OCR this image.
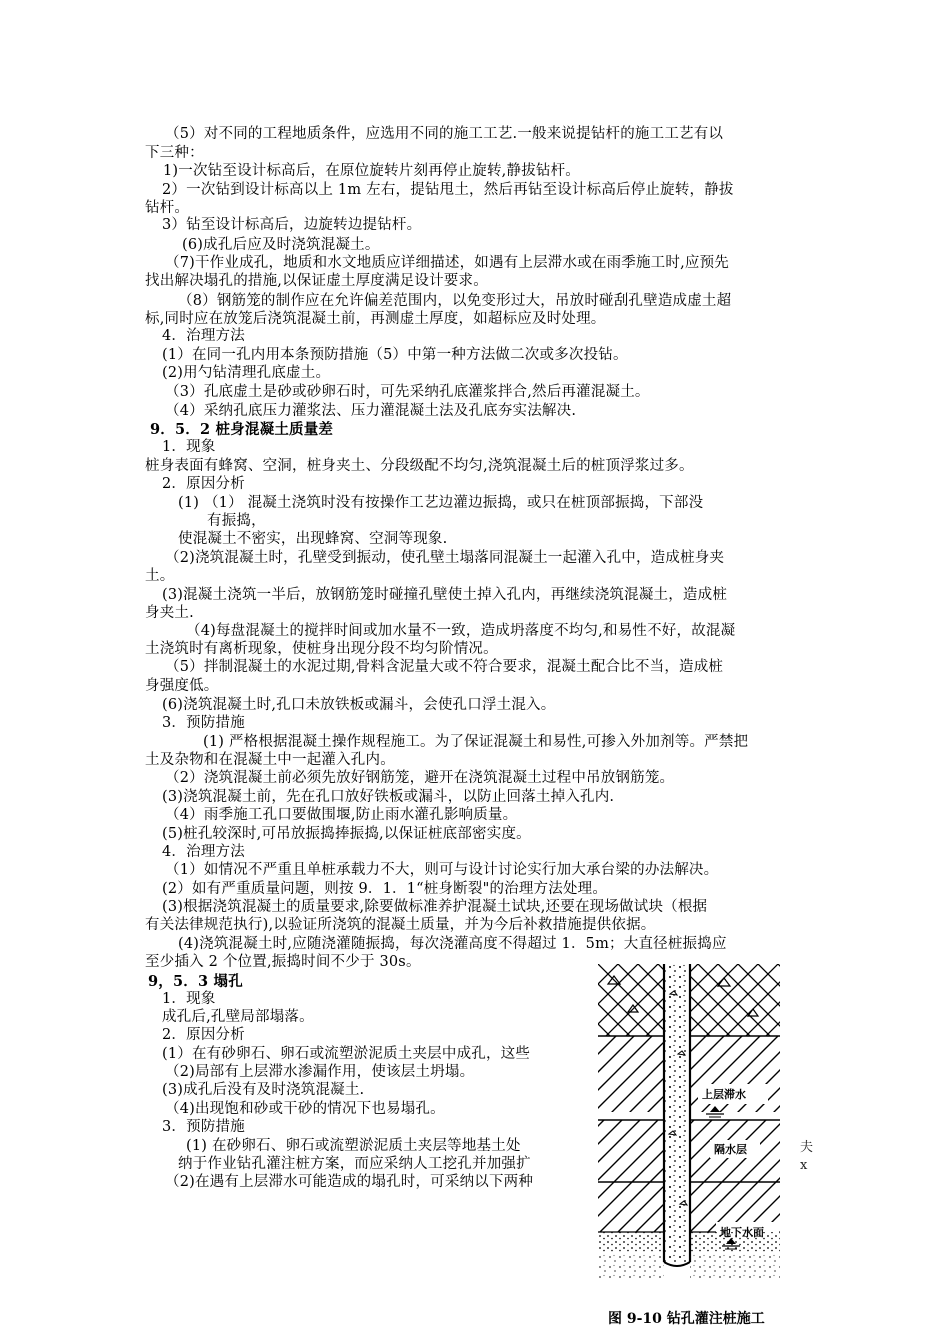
（5）对不同的工程地质条件，应选用不同的施工工艺.一般来说提钻杆的施工工艺有以
下三种：
1)一次钻至设计标高后，在原位旋转片刻再停止旋转,静拔钻杆。
2）一次钻到设计标高以上 1m 左右，提钻甩土，然后再钻至设计标高后停止旋转，静拔
钻杆。
3）钻至设计标高后，边旋转边提钻杆。
(6)成孔后应及时浇筑混凝土。
（7)干作业成孔，地质和水文地质应详细描述，如遇有上层滞水或在雨季施工时,应预先
找出解决塌孔的措施,以保证虚土厚度满足设计要求。
（8）钢筋笼的制作应在允许偏差范围内，以免变形过大，吊放时碰刮孔壁造成虚土超
标,同时应在放笼后浇筑混凝土前，再测虚土厚度，如超标应及时处理。
4．治理方法
(1）在同一孔内用本条预防措施（5）中第一种方法做二次或多次投钻。
(2)用勺钻清理孔底虚土。
（3）孔底虚土是砂或砂卵石时，可先采纳孔底灌浆拌合,然后再灌混凝土。
（4）采纳孔底压力灌浆法、压力灌混凝土法及孔底夯实法解决.
9．5．2 桩身混凝土质量差
1．现象
桩身表面有蜂窝、空洞，桩身夹土、分段级配不均匀,浇筑混凝土后的桩顶浮浆过多。
2．原因分析
(1) （1） 混凝土浇筑时没有按操作工艺边灌边振捣，或只在桩顶部振捣，下部没
有振捣，
使混凝土不密实，出现蜂窝、空洞等现象.
（2)浇筑混凝土时，孔壁受到振动，使孔壁土塌落同混凝土一起灌入孔中，造成桩身夹
土。
(3)混凝土浇筑一半后，放钢筋笼时碰撞孔壁使土掉入孔内，再继续浇筑混凝土，造成桩
身夹土.
（4)每盘混凝土的搅拌时间或加水量不一致，造成坍落度不均匀,和易性不好，故混凝
土浇筑时有离析现象，使桩身出现分段不均匀阶情况。
（5）拌制混凝土的水泥过期,骨料含泥量大或不符合要求，混凝土配合比不当，造成桩
身强度低。
(6)浇筑混凝土时,孔口未放铁板或漏斗，会使孔口浮土混入。
3．预防措施
(1) 严格根据混凝土操作规程施工。为了保证混凝土和易性,可掺入外加剂等。严禁把
土及杂物和在混凝土中一起灌入孔内。
（2）浇筑混凝土前必须先放好钢筋笼，避开在浇筑混凝土过程中吊放钢筋笼。
(3)浇筑混凝土前，先在孔口放好铁板或漏斗，以防止回落土掉入孔内.
（4）雨季施工孔口要做围堰,防止雨水灌孔影响质量。
(5)桩孔较深时,可吊放振捣捧振捣,以保证桩底部密实度。
4．治理方法
（1）如情况不严重且单桩承载力不大，则可与设计讨论实行加大承台梁的办法解决。
(2）如有严重质量问题，则按 9．1．1“桩身断裂"的治理方法处理。
(3)根据浇筑混凝土的质量要求,除要做标准养护混凝土试块,还要在现场做试块（根据
有关法律规范执行),以验证所浇筑的混凝土质量，并为今后补救措施提供依据。
(4)浇筑混凝土时,应随浇灌随振捣，每次浇灌高度不得超过 1．5m；大直径桩振捣应
至少插入 2 个位置,振捣时间不少于 30s。
9，5．3 塌孔
1．现象
成孔后,孔壁局部塌落。
2．原因分析
(1）在有砂卵石、卵石或流塑淤泥质土夹层中成孔，这些
（2)局部有上层滞水渗漏作用，使该层土坍塌。
(3)成孔后没有及时浇筑混凝土.
（4)出现饱和砂或干砂的情况下也易塌孔。
3．预防措施
(1) 在砂卵石、卵石或流塑淤泥质土夹层等地基土处
纳于作业钻孔灌注桩方案，而应采纳人工挖孔并加强扩
（2)在遇有上层滞水可能造成的塌孔时，可采纳以下两种
夫
x
上层滞水
隔水层
图 9-10 钻孔灌注桩施工
